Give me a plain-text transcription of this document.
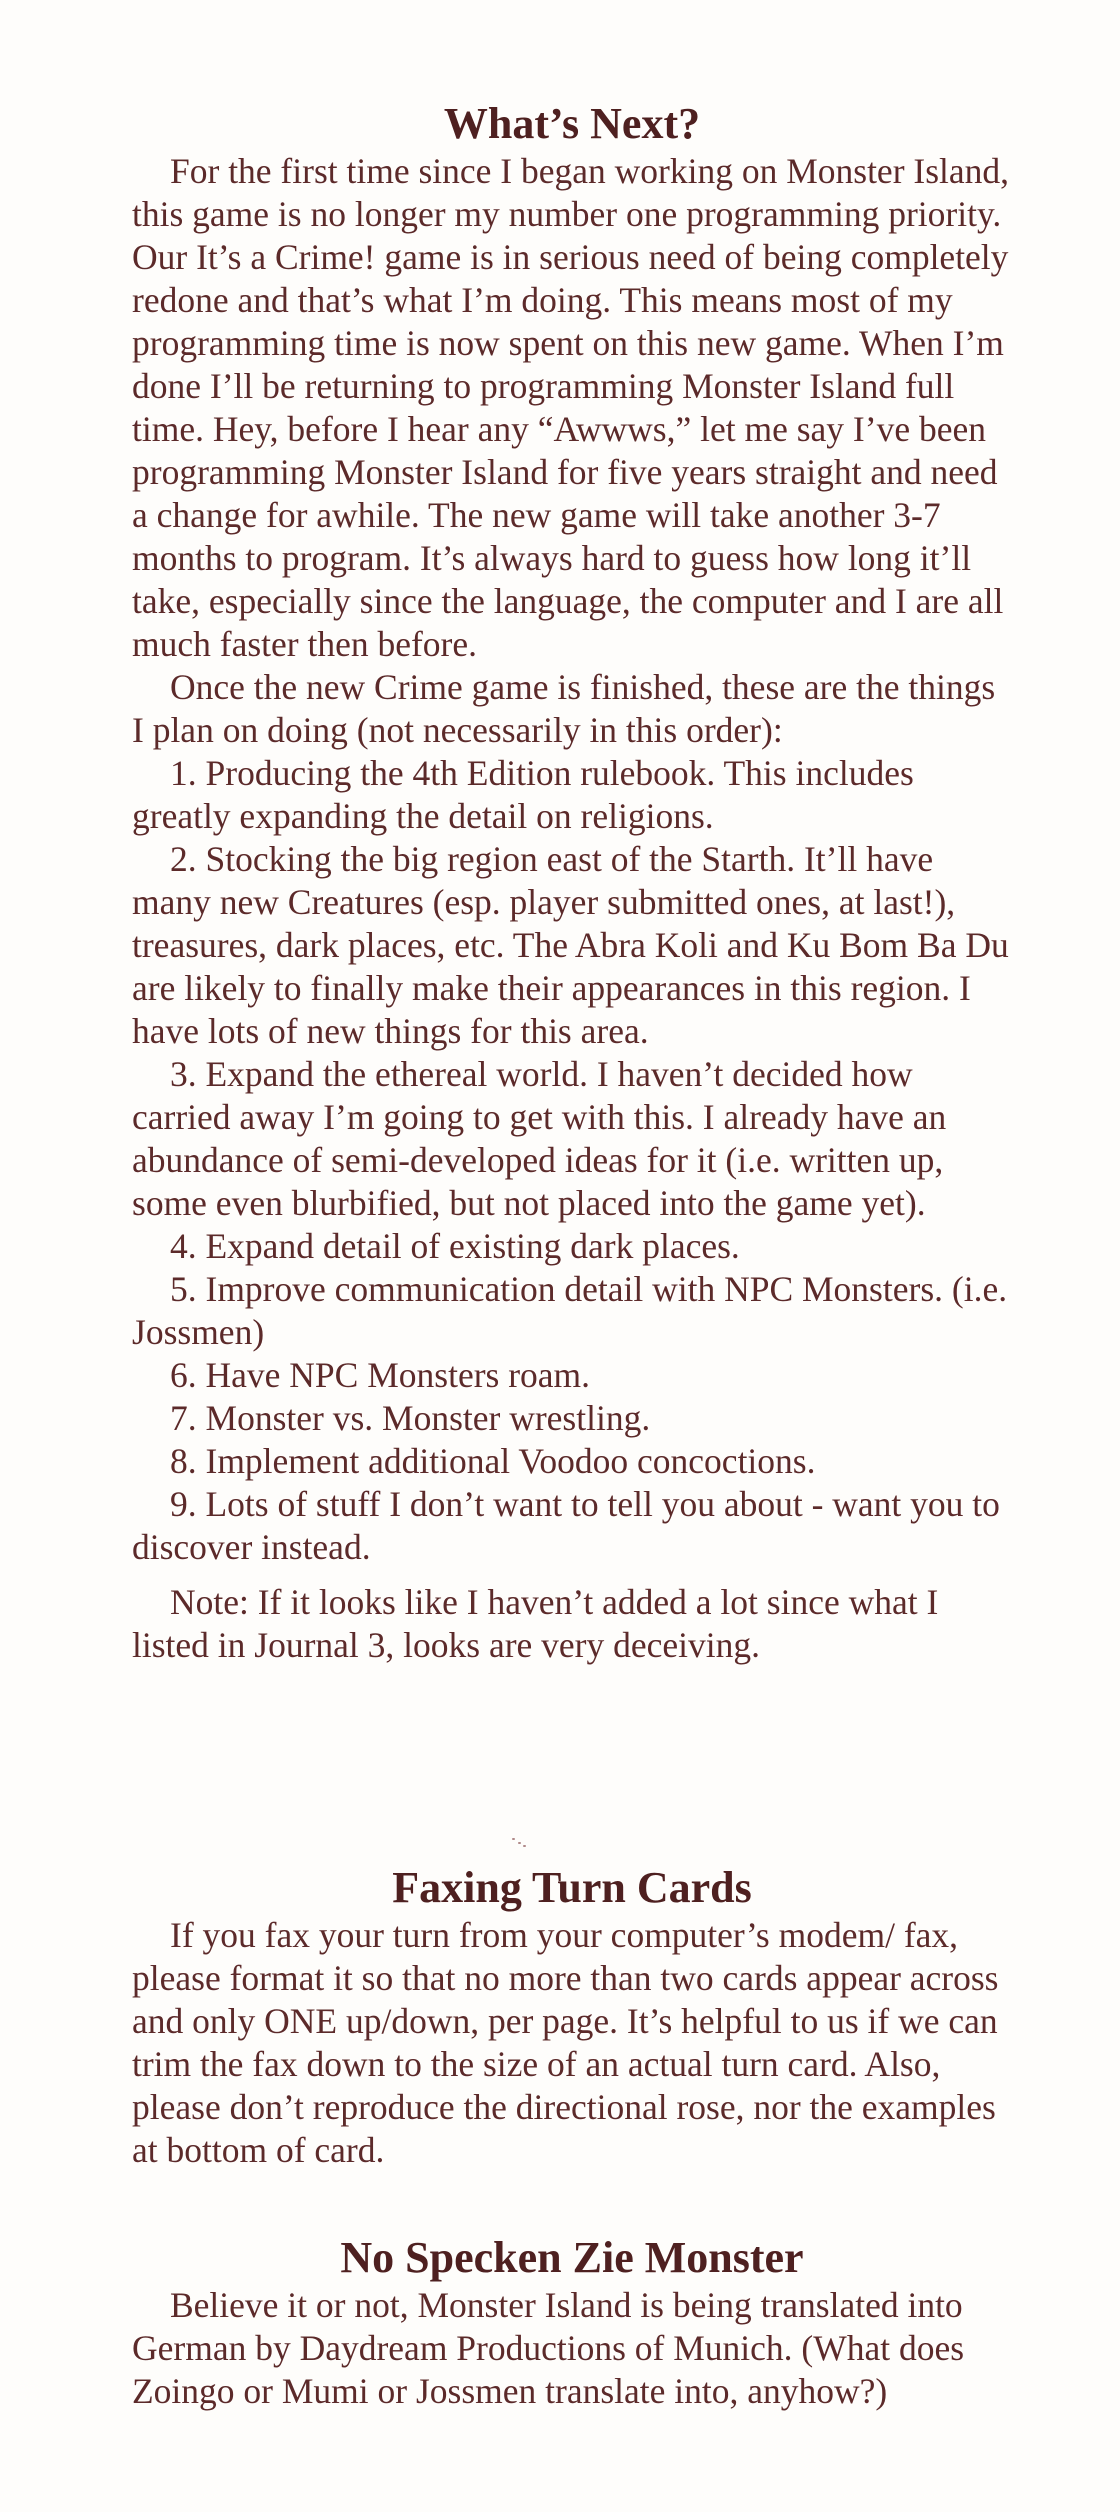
What’s Next?

For the first time since I began working on Monster Island, this game is no longer my number one programming priority. Our It’s a Crime! game is in serious need of being completely redone and that’s what I’m doing. This means most of my programming time is now spent on this new game. When I’m done I’ll be returning to programming Monster Island full time. Hey, before I hear any “Awwws,” let me say I’ve been programming Monster Island for five years straight and need a change for awhile. The new game will take another 3-7 months to program. It’s always hard to guess how long it’ll take, especially since the language, the computer and I are all much faster then before.

Once the new Crime game is finished, these are the things I plan on doing (not necessarily in this order):

1. Producing the 4th Edition rulebook. This includes greatly expanding the detail on religions.
2. Stocking the big region east of the Starth. It’ll have many new Creatures (esp. player submitted ones, at last!), treasures, dark places, etc. The Abra Koli and Ku Bom Ba Du are likely to finally make their appearances in this region. I have lots of new things for this area.
3. Expand the ethereal world. I haven’t decided how carried away I’m going to get with this. I already have an abundance of semi-developed ideas for it (i.e. written up, some even blurbified, but not placed into the game yet).
4. Expand detail of existing dark places.
5. Improve communication detail with NPC Monsters. (i.e. Jossmen)
6. Have NPC Monsters roam.
7. Monster vs. Monster wrestling.
8. Implement additional Voodoo concoctions.
9. Lots of stuff I don’t want to tell you about - want you to discover instead.

Note: If it looks like I haven’t added a lot since what I listed in Journal 3, looks are very deceiving.

Faxing Turn Cards

If you fax your turn from your computer’s modem/ fax, please format it so that no more than two cards appear across and only ONE up/down, per page. It’s helpful to us if we can trim the fax down to the size of an actual turn card. Also, please don’t reproduce the directional rose, nor the examples at bottom of card.

No Specken Zie Monster

Believe it or not, Monster Island is being translated into German by Daydream Productions of Munich. (What does Zoingo or Mumi or Jossmen translate into, anyhow?)
